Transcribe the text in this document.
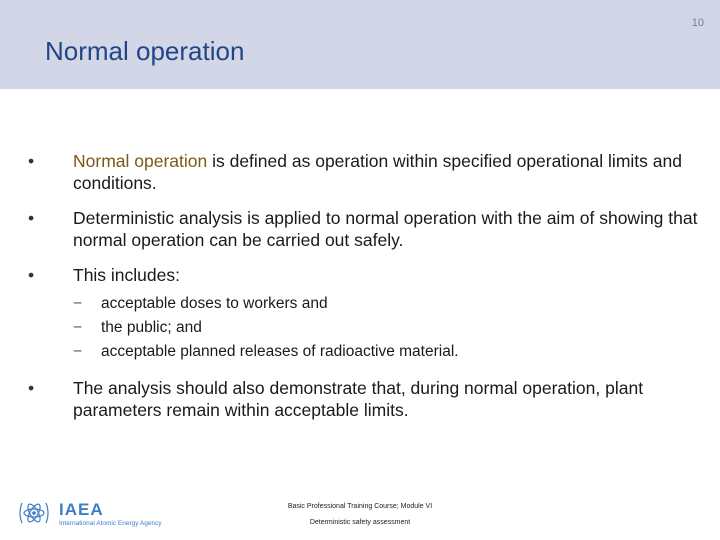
10
Normal operation
• Normal operation is defined as operation within specified operational limits and conditions.
• Deterministic analysis is applied to normal operation with the aim of showing that normal operation can be carried out safely.
• This includes:
− acceptable doses to workers and
− the public; and
− acceptable planned releases of radioactive material.
• The analysis should also demonstrate that, during normal operation, plant parameters remain within acceptable limits.
IAEA
International Atomic Energy Agency
Basic Professional Training Course; Module VI
Deterministic safety assessment
